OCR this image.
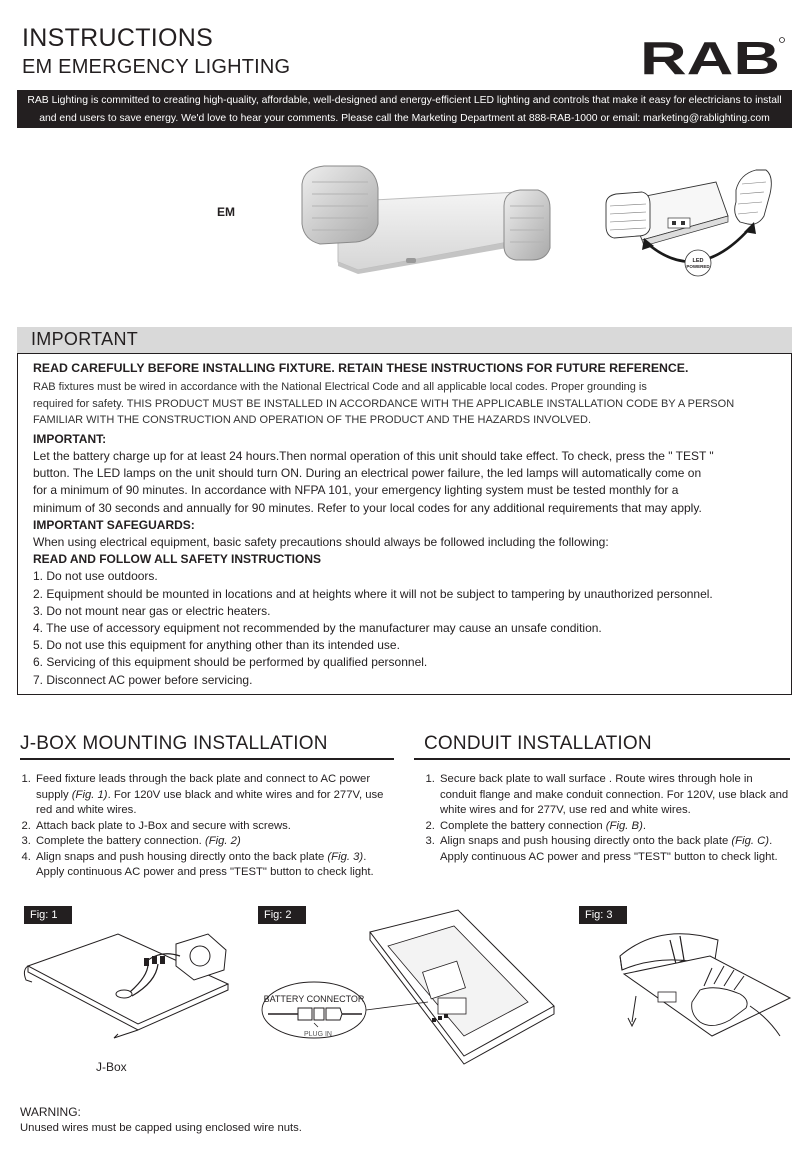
INSTRUCTIONS
EM EMERGENCY LIGHTING	RAB
RAB Lighting is committed to creating high-quality, affordable, well-designed and energy-efficient LED lighting and controls that make it easy for electricians to install
and end users to save energy. We'd love to hear your comments. Please call the Marketing Department at 888-RAB-1000 or email: marketing@rablighting.com
EM
LED
POWERED
IMPORTANT

READ CAREFULLY BEFORE INSTALLING FIXTURE. RETAIN THESE INSTRUCTIONS FOR FUTURE REFERENCE.

RAB fixtures must be wired in accordance with the National Electrical Code and all applicable local codes. Proper grounding is

required for safety. THIS PRODUCT MUST BE INSTALLED IN ACCORDANCE WITH THE APPLICABLE INSTALLATION CODE BY A PERSON

FAMILIAR WITH THE CONSTRUCTION AND OPERATION OF THE PRODUCT AND THE HAZARDS INVOLVED.

IMPORTANT:

Let the battery charge up for at least 24 hours.Then normal operation of this unit should take effect. To check, press the " TEST "

button. The LED lamps on the unit should turn ON. During an electrical power failure, the led lamps will automatically come on

for a minimum of 90 minutes. In accordance with NFPA 101, your emergency lighting system must be tested monthly for a

minimum of 30 seconds and annually for 90 minutes. Refer to your local codes for any additional requirements that may apply.

IMPORTANT SAFEGUARDS:

When using electrical equipment, basic safety precautions should always be followed including the following:

READ AND FOLLOW ALL SAFETY INSTRUCTIONS

1. Do not use outdoors.

2. Equipment should be mounted in locations and at heights where it will not be subject to tampering by unauthorized personnel.

3. Do not mount near gas or electric heaters.

4. The use of accessory equipment not recommended by the manufacturer may cause an unsafe condition.

5. Do not use this equipment for anything other than its intended use.

6. Servicing of this equipment should be performed by qualified personnel.

7. Disconnect AC power before servicing.

J-BOX MOUNTING INSTALLATION
1. Feed fixture leads through the back plate and connect to AC power supply (Fig. 1). For 120V use black and white wires and for 277V, use red and white wires.
2. Attach back plate to J-Box and secure with screws.
3. Complete the battery connection. (Fig. 2)
4. Align snaps and push housing directly onto the back plate (Fig. 3). Apply continuous AC power and press "TEST" button to check light.
CONDUIT INSTALLATION
1. Secure back plate to wall surface . Route wires through hole in conduit flange and make conduit connection. For 120V, use black and white wires and for 277V, use red and white wires.
2. Complete the battery connection (Fig. B).
3. Align snaps and push housing directly onto the back plate (Fig. C). Apply continuous AC power and press "TEST" button to check light.
Fig: 1	Fig: 2	Fig: 3
J-Box
BATTERY CONNECTOR
PLUG IN
WARNING:
Unused wires must be capped using enclosed wire nuts.
